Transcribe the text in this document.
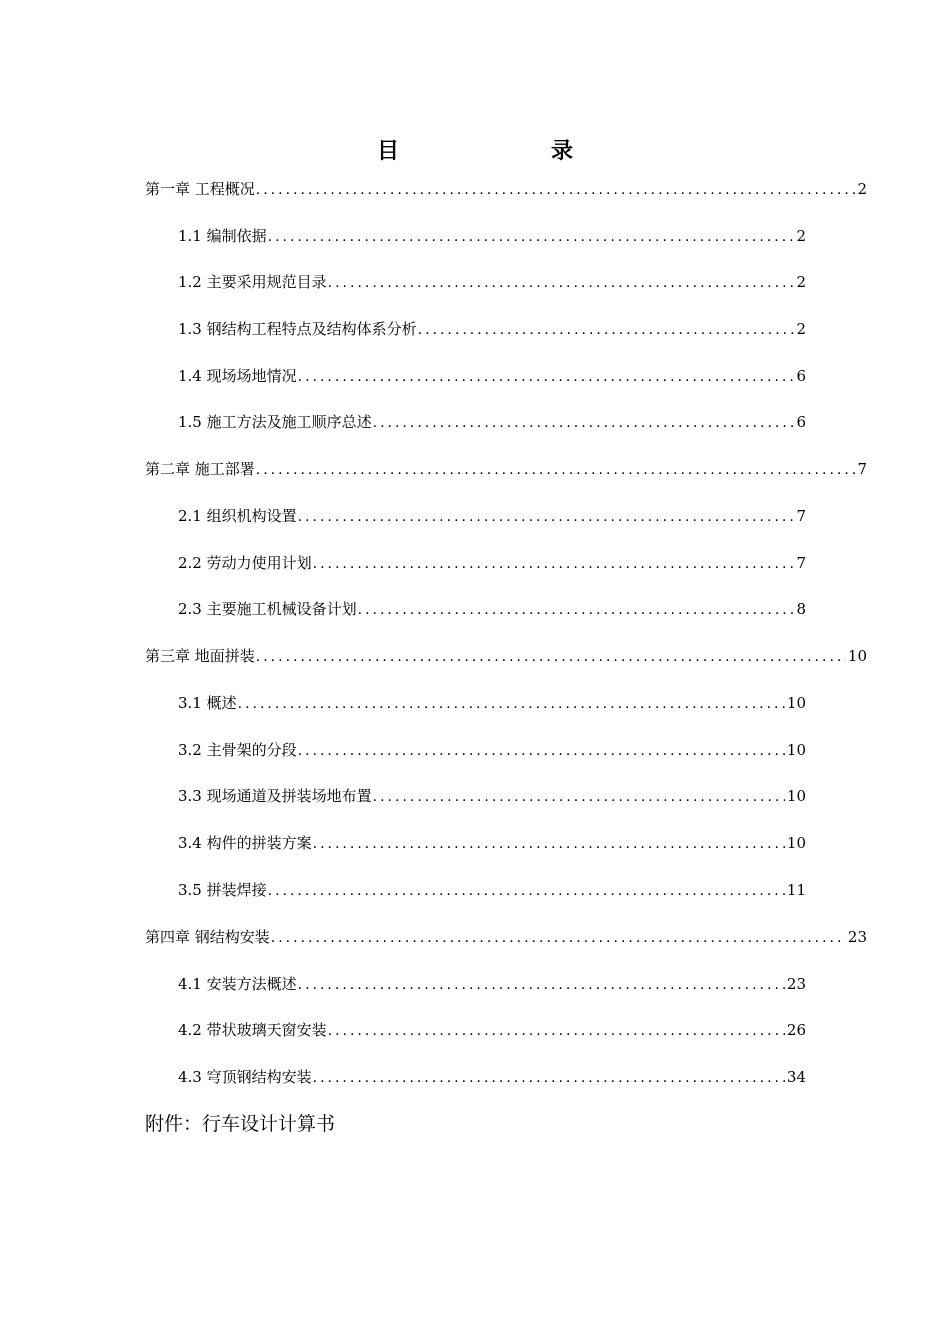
目　　录
第一章 工程概况 .....	2
1.1 编制依据 .....	2
1.2 主要采用规范目录 .....	2
1.3 钢结构工程特点及结构体系分析 .....	2
1.4 现场场地情况 .....	6
1.5 施工方法及施工顺序总述 .....	6
第二章 施工部署 .....	7
2.1 组织机构设置 .....	7
2.2 劳动力使用计划 .....	7
2.3 主要施工机械设备计划 .....	8
第三章 地面拼装 .....	10
3.1 概述 .....	10
3.2 主骨架的分段 .....	10
3.3 现场通道及拼装场地布置 .....	10
3.4 构件的拼装方案 .....	10
3.5 拼装焊接 .....	11
第四章 钢结构安装 .....	23
4.1 安装方法概述 .....	23
4.2 带状玻璃天窗安装 .....	26
4.3 穹顶钢结构安装 .....	34
附件：行车设计计算书
